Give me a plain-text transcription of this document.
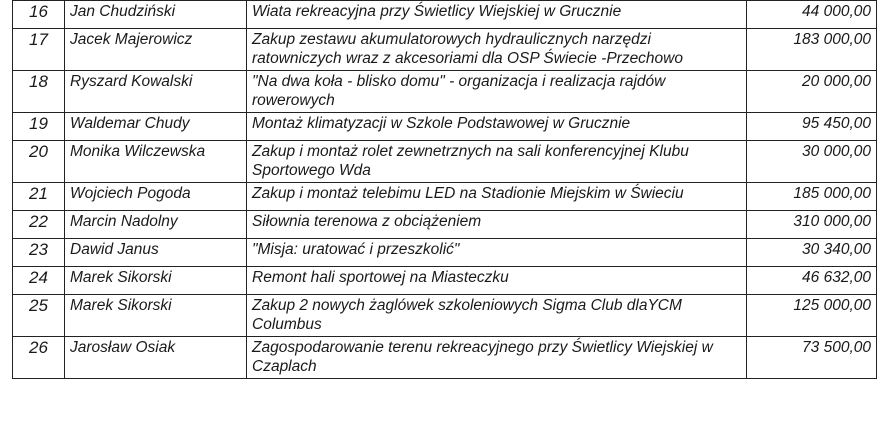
16	Jan Chudziński	Wiata rekreacyjna przy Świetlicy Wiejskiej w Grucznie	44 000,00
17	Jacek Majerowicz	Zakup zestawu akumulatorowych hydraulicznych narzędzi ratowniczych wraz z akcesoriami dla OSP Świecie -Przechowo	183 000,00
18	Ryszard Kowalski	"Na dwa koła - blisko domu" - organizacja i realizacja rajdów rowerowych	20 000,00
19	Waldemar Chudy	Montaż klimatyzacji w Szkole Podstawowej w Grucznie	95 450,00
20	Monika Wilczewska	Zakup i montaż rolet zewnetrznych na sali konferencyjnej Klubu Sportowego Wda	30 000,00
21	Wojciech Pogoda	Zakup i montaż telebimu LED na Stadionie Miejskim w Świeciu	185 000,00
22	Marcin Nadolny	Siłownia terenowa z obciążeniem	310 000,00
23	Dawid Janus	"Misja: uratować i przeszkolić"	30 340,00
24	Marek Sikorski	Remont hali sportowej na Miasteczku	46 632,00
25	Marek Sikorski	Zakup 2 nowych żaglówek szkoleniowych Sigma Club dlaYCM Columbus	125 000,00
26	Jarosław Osiak	Zagospodarowanie terenu rekreacyjnego przy Świetlicy Wiejskiej w Czaplach	73 500,00
